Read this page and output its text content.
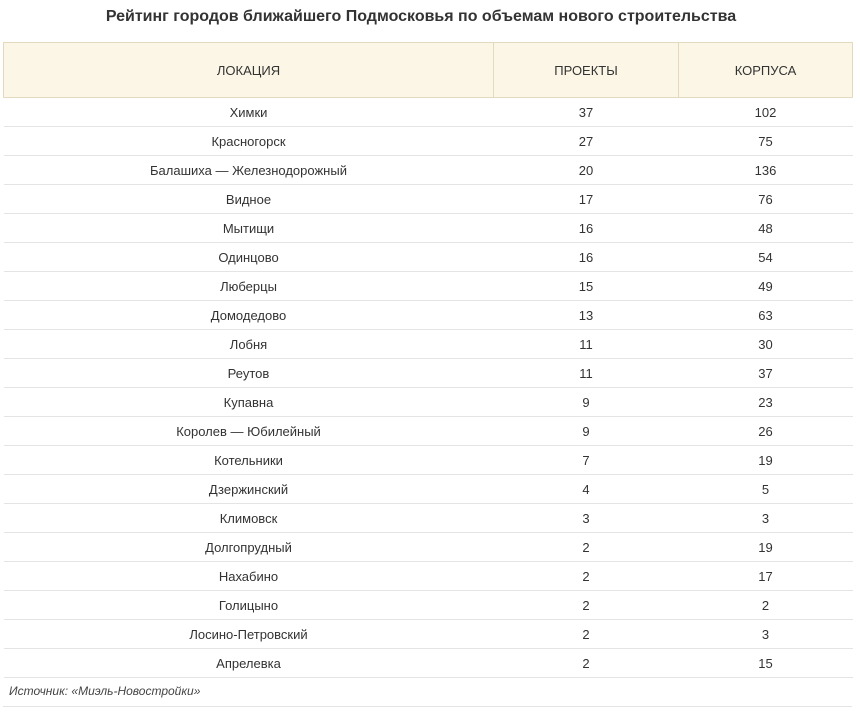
Рейтинг городов ближайшего Подмосковья по объемам нового строительства
ЛОКАЦИЯ	ПРОЕКТЫ	КОРПУСА
Химки	37	102
Красногорск	27	75
Балашиха — Железнодорожный	20	136
Видное	17	76
Мытищи	16	48
Одинцово	16	54
Люберцы	15	49
Домодедово	13	63
Лобня	11	30
Реутов	11	37
Купавна	9	23
Королев — Юбилейный	9	26
Котельники	7	19
Дзержинский	4	5
Климовск	3	3
Долгопрудный	2	19
Нахабино	2	17
Голицыно	2	2
Лосино-Петровский	2	3
Апрелевка	2	15
Источник: «Миэль-Новостройки»
